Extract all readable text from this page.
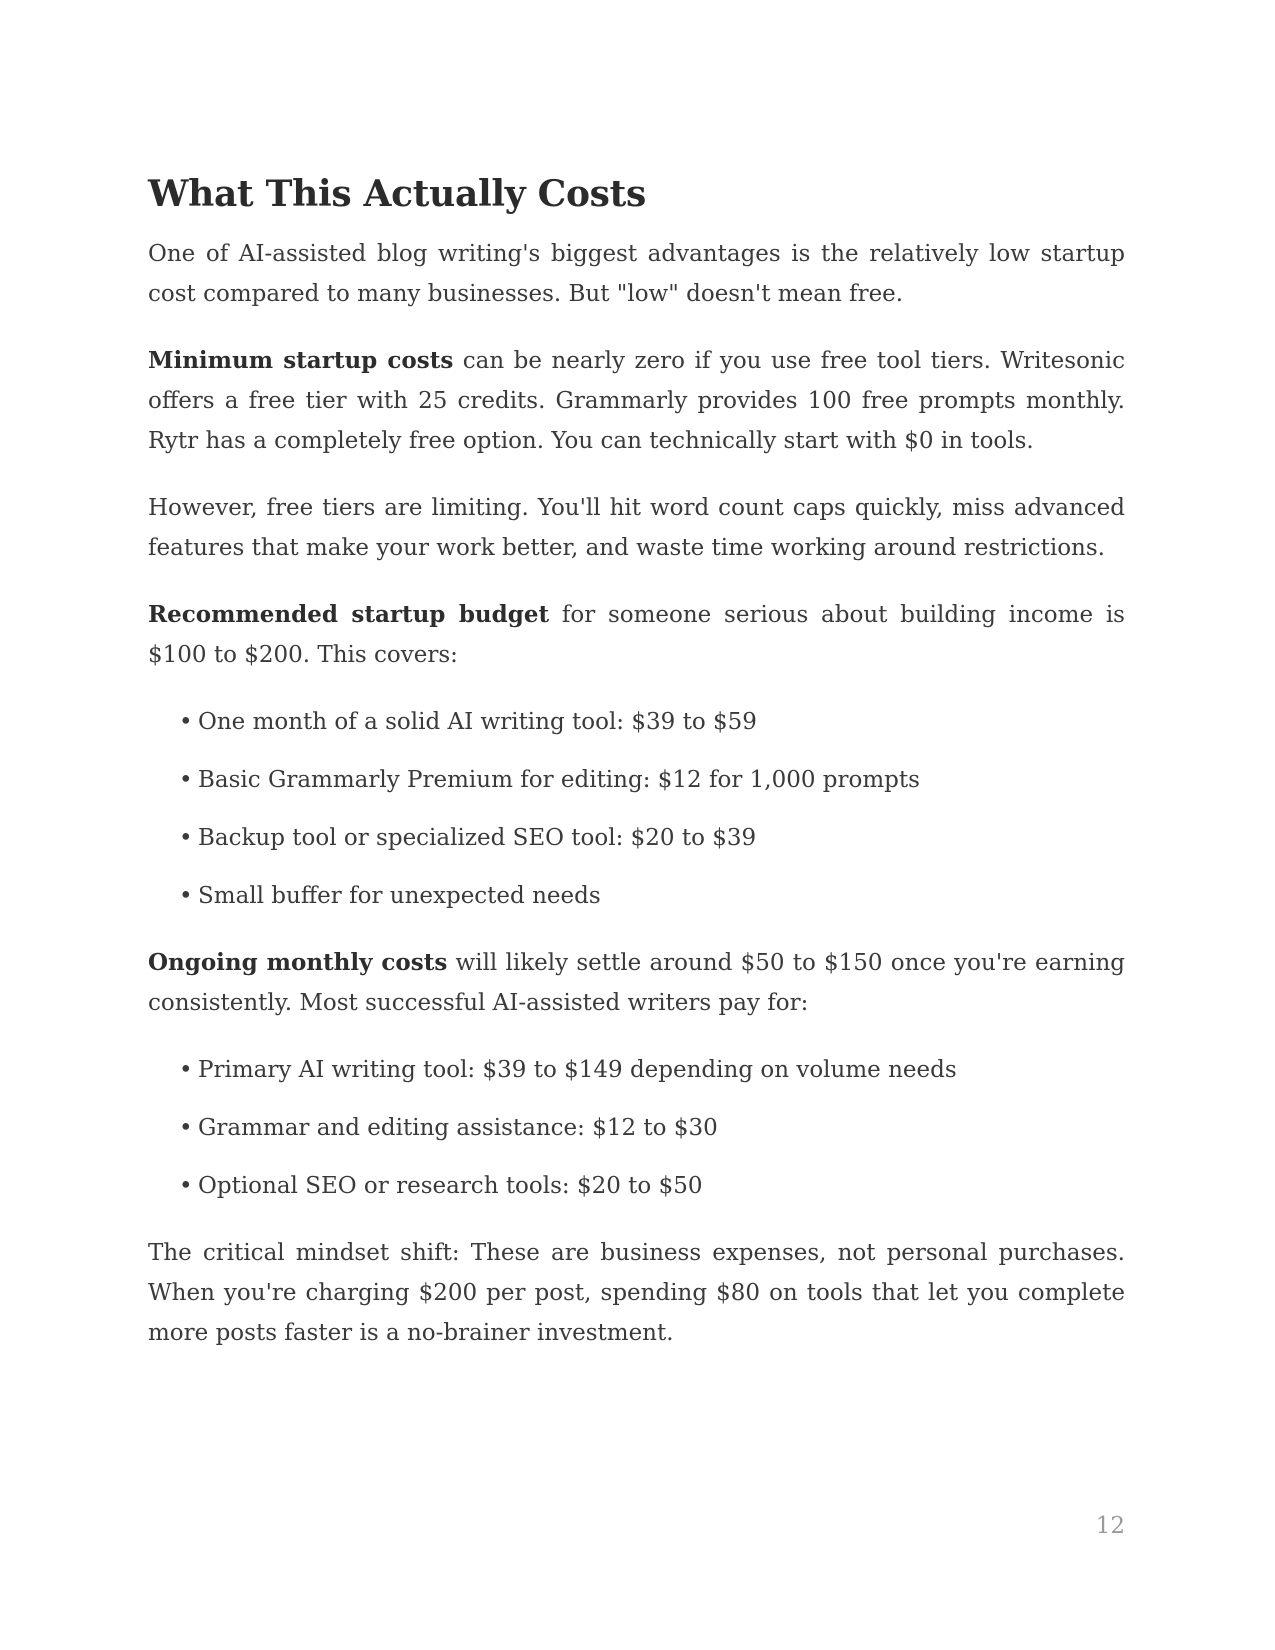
What This Actually Costs

One of AI-assisted blog writing's biggest advantages is the relatively low startup cost compared to many businesses. But "low" doesn't mean free.

Minimum startup costs can be nearly zero if you use free tool tiers. Writesonic offers a free tier with 25 credits. Grammarly provides 100 free prompts monthly. Rytr has a completely free option. You can technically start with $0 in tools.

However, free tiers are limiting. You'll hit word count caps quickly, miss advanced features that make your work better, and waste time working around restrictions.

Recommended startup budget for someone serious about building income is $100 to $200. This covers:

• One month of a solid AI writing tool: $39 to $59
• Basic Grammarly Premium for editing: $12 for 1,000 prompts
• Backup tool or specialized SEO tool: $20 to $39
• Small buffer for unexpected needs

Ongoing monthly costs will likely settle around $50 to $150 once you're earning consistently. Most successful AI-assisted writers pay for:

• Primary AI writing tool: $39 to $149 depending on volume needs
• Grammar and editing assistance: $12 to $30
• Optional SEO or research tools: $20 to $50

The critical mindset shift: These are business expenses, not personal purchases. When you're charging $200 per post, spending $80 on tools that let you complete more posts faster is a no-brainer investment.

12
